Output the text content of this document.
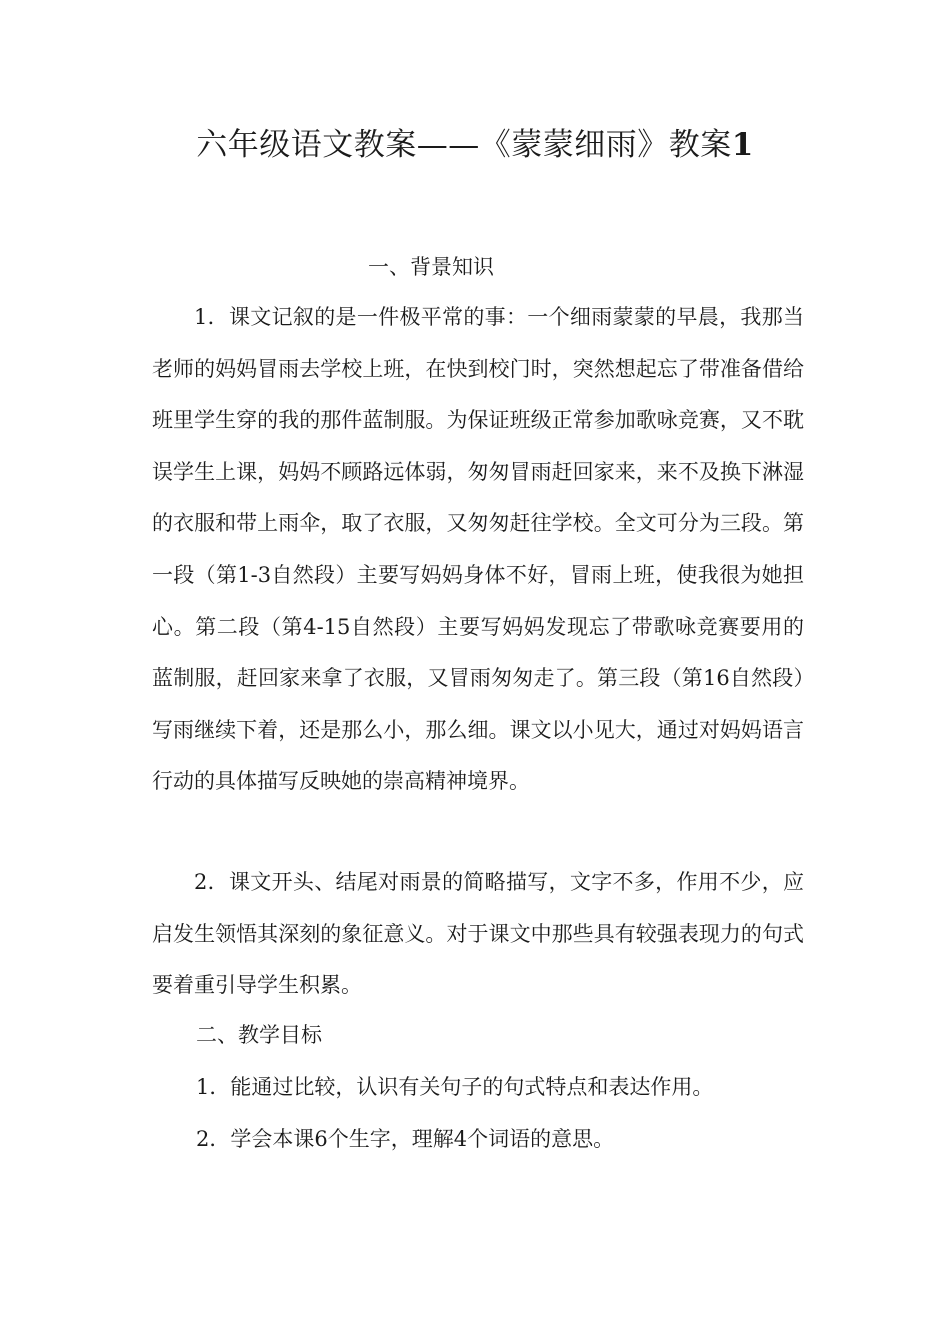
六年级语文教案——《蒙蒙细雨》教案1
一、背景知识

1．课文记叙的是一件极平常的事：一个细雨蒙蒙的早晨，我那当老师的妈妈冒雨去学校上班，在快到校门时，突然想起忘了带准备借给班里学生穿的我的那件蓝制服。为保证班级正常参加歌咏竞赛，又不耽误学生上课，妈妈不顾路远体弱，匆匆冒雨赶回家来，来不及换下淋湿的衣服和带上雨伞，取了衣服，又匆匆赶往学校。全文可分为三段。第一段（第1-3自然段）主要写妈妈身体不好，冒雨上班，使我很为她担心。第二段（第4-15自然段）主要写妈妈发现忘了带歌咏竞赛要用的蓝制服，赶回家来拿了衣服，又冒雨匆匆走了。第三段（第16自然段）写雨继续下着，还是那么小，那么细。课文以小见大，通过对妈妈语言行动的具体描写反映她的崇高精神境界。

2．课文开头、结尾对雨景的简略描写，文字不多，作用不少，应启发生领悟其深刻的象征意义。对于课文中那些具有较强表现力的句式要着重引导学生积累。

二、教学目标
1．能通过比较，认识有关句子的句式特点和表达作用。
2．学会本课6个生字，理解4个词语的意思。
